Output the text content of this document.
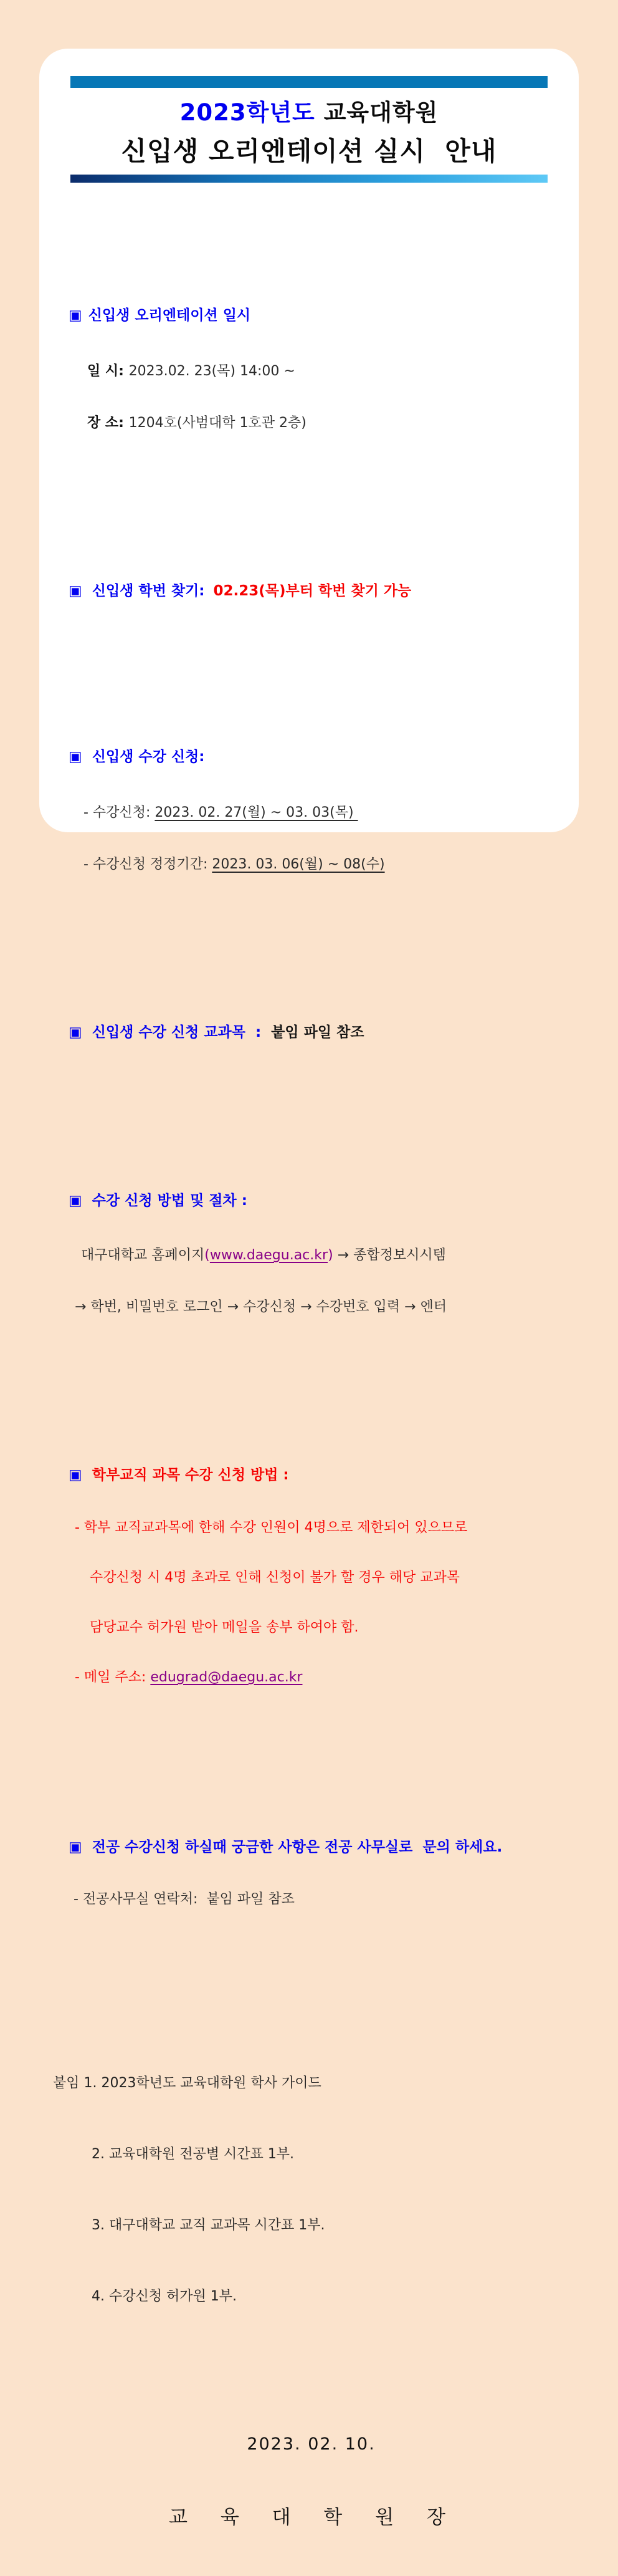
2023학년도 교육대학원
신입생 오리엔테이션 실시  안내

▣ 신입생 오리엔테이션 일시

일 시: 2023.02. 23(목) 14:00 ~

장 소: 1204호(사범대학 1호관 2층)

▣ 신입생 학번 찾기: 02.23(목)부터 학번 찾기 가능

▣ 신입생 수강 신청:

- 수강신청: 2023. 02. 27(월) ~ 03. 03(목)

- 수강신청 정정기간: 2023. 03. 06(월) ~ 08(수)

▣ 신입생 수강 신청 교과목  : 붙임 파일 참조

▣ 수강 신청 방법 및 절차 :

대구대학교 홈페이지(www.daegu.ac.kr) → 종합정보시시템

→ 학번, 비밀번호 로그인 → 수강신청 → 수강번호 입력 → 엔터

▣ 학부교직 과목 수강 신청 방법 :

- 학부 교직교과목에 한해 수강 인원이 4명으로 제한되어 있으므로

수강신청 시 4명 초과로 인해 신청이 불가 할 경우 해당 교과목

담당교수 허가원 받아 메일을 송부 하여야 함.

- 메일 주소: edugrad@daegu.ac.kr

▣ 전공 수강신청 하실때 궁금한 사항은 전공 사무실로  문의 하세요.

- 전공사무실 연락처:  붙임 파일 참조

붙임 1. 2023학년도 교육대학원 학사 가이드

2. 교육대학원 전공별 시간표 1부.

3. 대구대학교 교직 교과목 시간표 1부.

4. 수강신청 허가원 1부.

2023. 02. 10.

교 육 대 학 원 장
